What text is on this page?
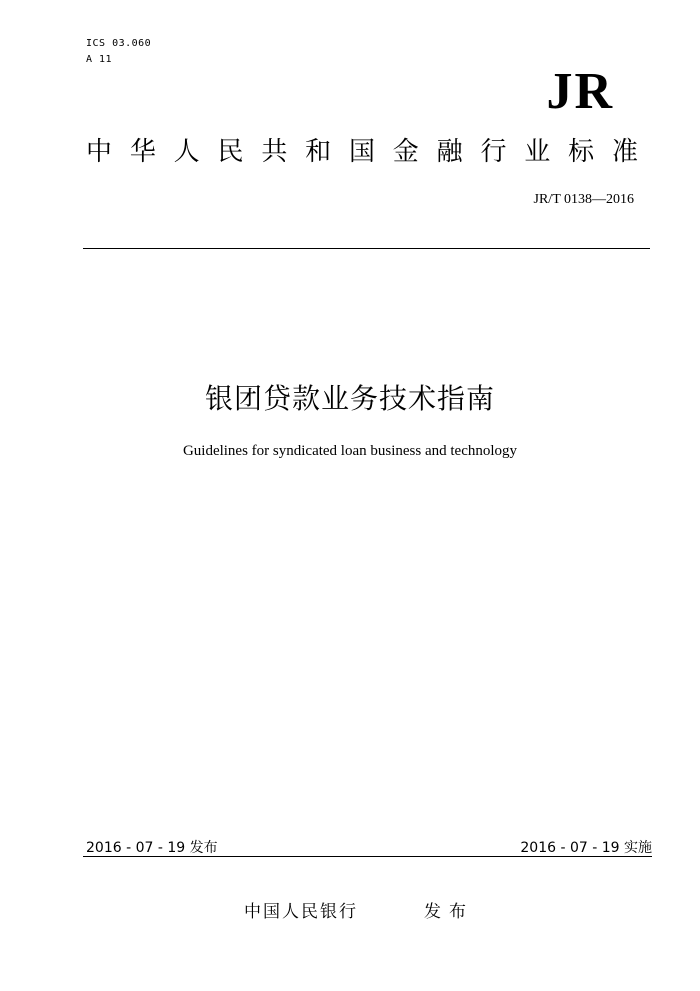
ICS 03.060
A 11
JR
中 华 人 民 共 和 国 金 融 行 业 标 准
JR/T 0138—2016
银团贷款业务技术指南
Guidelines for syndicated loan business and technology
2016 - 07 - 19 发布	2016 - 07 - 19 实施
中国人民银行	发布
